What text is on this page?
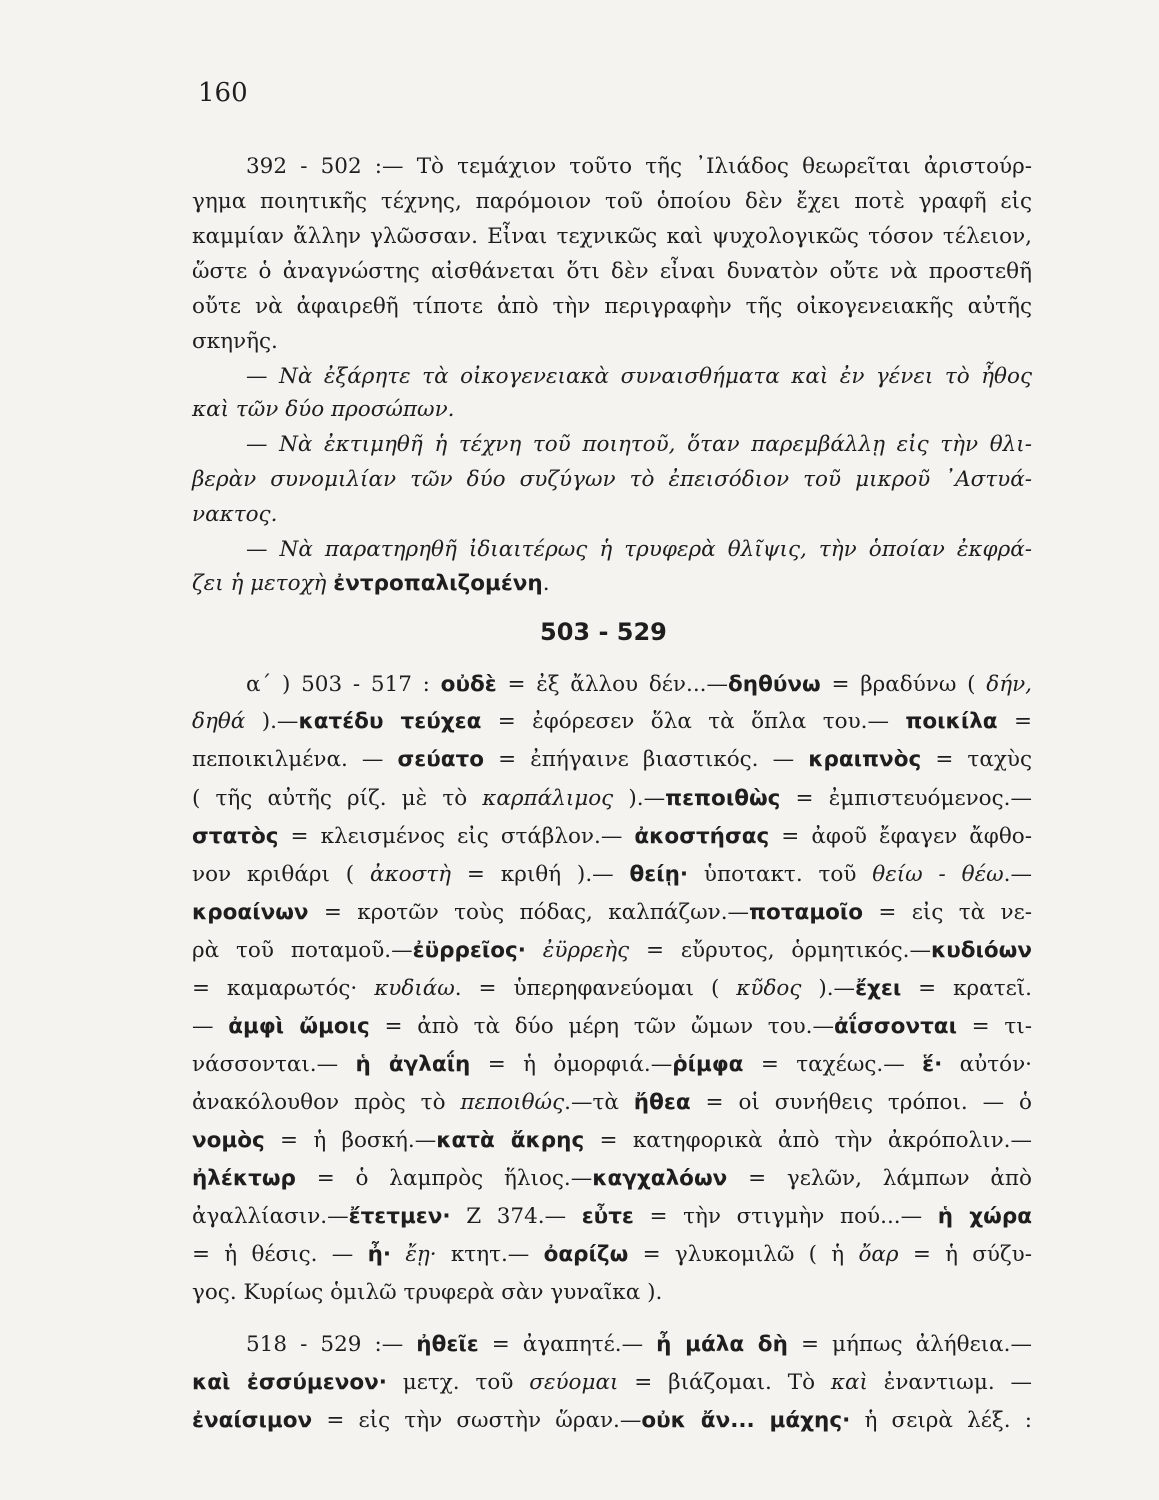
160
392 - 502 :— Τὸ τεμάχιον τοῦτο τῆς ᾿Ιλιάδος θεωρεῖται ἀριστούρ-
γημα ποιητικῆς τέχνης, παρόμοιον τοῦ ὁποίου δὲν ἔχει ποτὲ γραφῆ εἰς
καμμίαν ἄλλην γλῶσσαν. Εἶναι τεχνικῶς καὶ ψυχολογικῶς τόσον τέλειον,
ὥστε ὁ ἀναγνώστης αἰσθάνεται ὅτι δὲν εἶναι δυνατὸν οὔτε νὰ προστεθῆ
οὔτε νὰ ἀφαιρεθῆ τίποτε ἀπὸ τὴν περιγραφὴν τῆς οἰκογενειακῆς αὐτῆς
σκηνῆς.
— Νὰ ἐξάρητε τὰ οἰκογενειακὰ συναισθήματα καὶ ἐν γένει τὸ ἦθος
καὶ τῶν δύο προσώπων.
— Νὰ ἐκτιμηθῆ ἡ τέχνη τοῦ ποιητοῦ, ὅταν παρεμβάλλῃ εἰς τὴν θλι-
βερὰν συνομιλίαν τῶν δύο συζύγων τὸ ἐπεισόδιον τοῦ μικροῦ ᾿Αστυά-
νακτος.
— Νὰ παρατηρηθῆ ἰδιαιτέρως ἡ τρυφερὰ θλῖψις, τὴν ὁποίαν ἐκφρά-
ζει ἡ μετοχὴ ἐντροπαλιζομένη.
α΄ ) 503 - 517 : οὐδὲ = ἐξ ἄλλου δέν...—δηθύνω = βραδύνω ( δήν,
δηθά ).—κατέδυ τεύχεα = ἐφόρεσεν ὅλα τὰ ὅπλα του.— ποικίλα =
πεποικιλμένα. — σεύατο = ἐπήγαινε βιαστικός. — κραιπνὸς = ταχὺς
( τῆς αὐτῆς ρίζ. μὲ τὸ καρπάλιμος ).—πεποιθὼς = ἐμπιστευόμενος.—
στατὸς = κλεισμένος εἰς στάβλον.— ἀκοστήσας = ἀφοῦ ἔφαγεν ἄφθο-
νον κριθάρι ( ἀκοστὴ = κριθή ).— θείῃ· ὑποτακτ. τοῦ θείω - θέω.—
κροαίνων = κροτῶν τοὺς πόδας, καλπάζων.—ποταμοῖο = εἰς τὰ νε-
ρὰ τοῦ ποταμοῦ.—ἐϋρρεῖος· ἐϋρρεὴς = εὔρυτος, ὁρμητικός.—κυδιόων
= καμαρωτός· κυδιάω. = ὑπερηφανεύομαι ( κῦδος ).—ἔχει = κρατεῖ.
— ἀμφὶ ὤμοις = ἀπὸ τὰ δύο μέρη τῶν ὤμων του.—ἀΐσσονται = τι-
νάσσονται.— ἡ ἀγλαΐη = ἡ ὀμορφιά.—ῥίμφα = ταχέως.— ἕ· αὐτόν·
ἀνακόλουθον πρὸς τὸ πεποιθώς.—τὰ ἤθεα = οἱ συνήθεις τρόποι. — ὁ
νομὸς = ἡ βοσκή.—κατὰ ἄκρης = κατηφορικὰ ἀπὸ τὴν ἀκρόπολιν.—
ἠλέκτωρ = ὁ λαμπρὸς ἥλιος.—καγχαλόων = γελῶν, λάμπων ἀπὸ
ἀγαλλίασιν.—ἔτετμεν· Ζ 374.— εὖτε = τὴν στιγμὴν πού...— ἡ χώρα
= ἡ θέσις. — ἦ· ἔῃ· κτητ.— ὀαρίζω = γλυκομιλῶ ( ἡ ὄαρ = ἡ σύζυ-
γος. Κυρίως ὁμιλῶ τρυφερὰ σὰν γυναῖκα ).
518 - 529 :— ἠθεῖε = ἀγαπητέ.— ἦ μάλα δὴ = μήπως ἀλήθεια.—
καὶ ἐσσύμενον· μετχ. τοῦ σεύομαι = βιάζομαι. Τὸ καὶ ἐναντιωμ. —
ἐναίσιμον = εἰς τὴν σωστὴν ὥραν.—οὐκ ἄν... μάχης· ἡ σειρὰ λέξ. :
503 - 529
